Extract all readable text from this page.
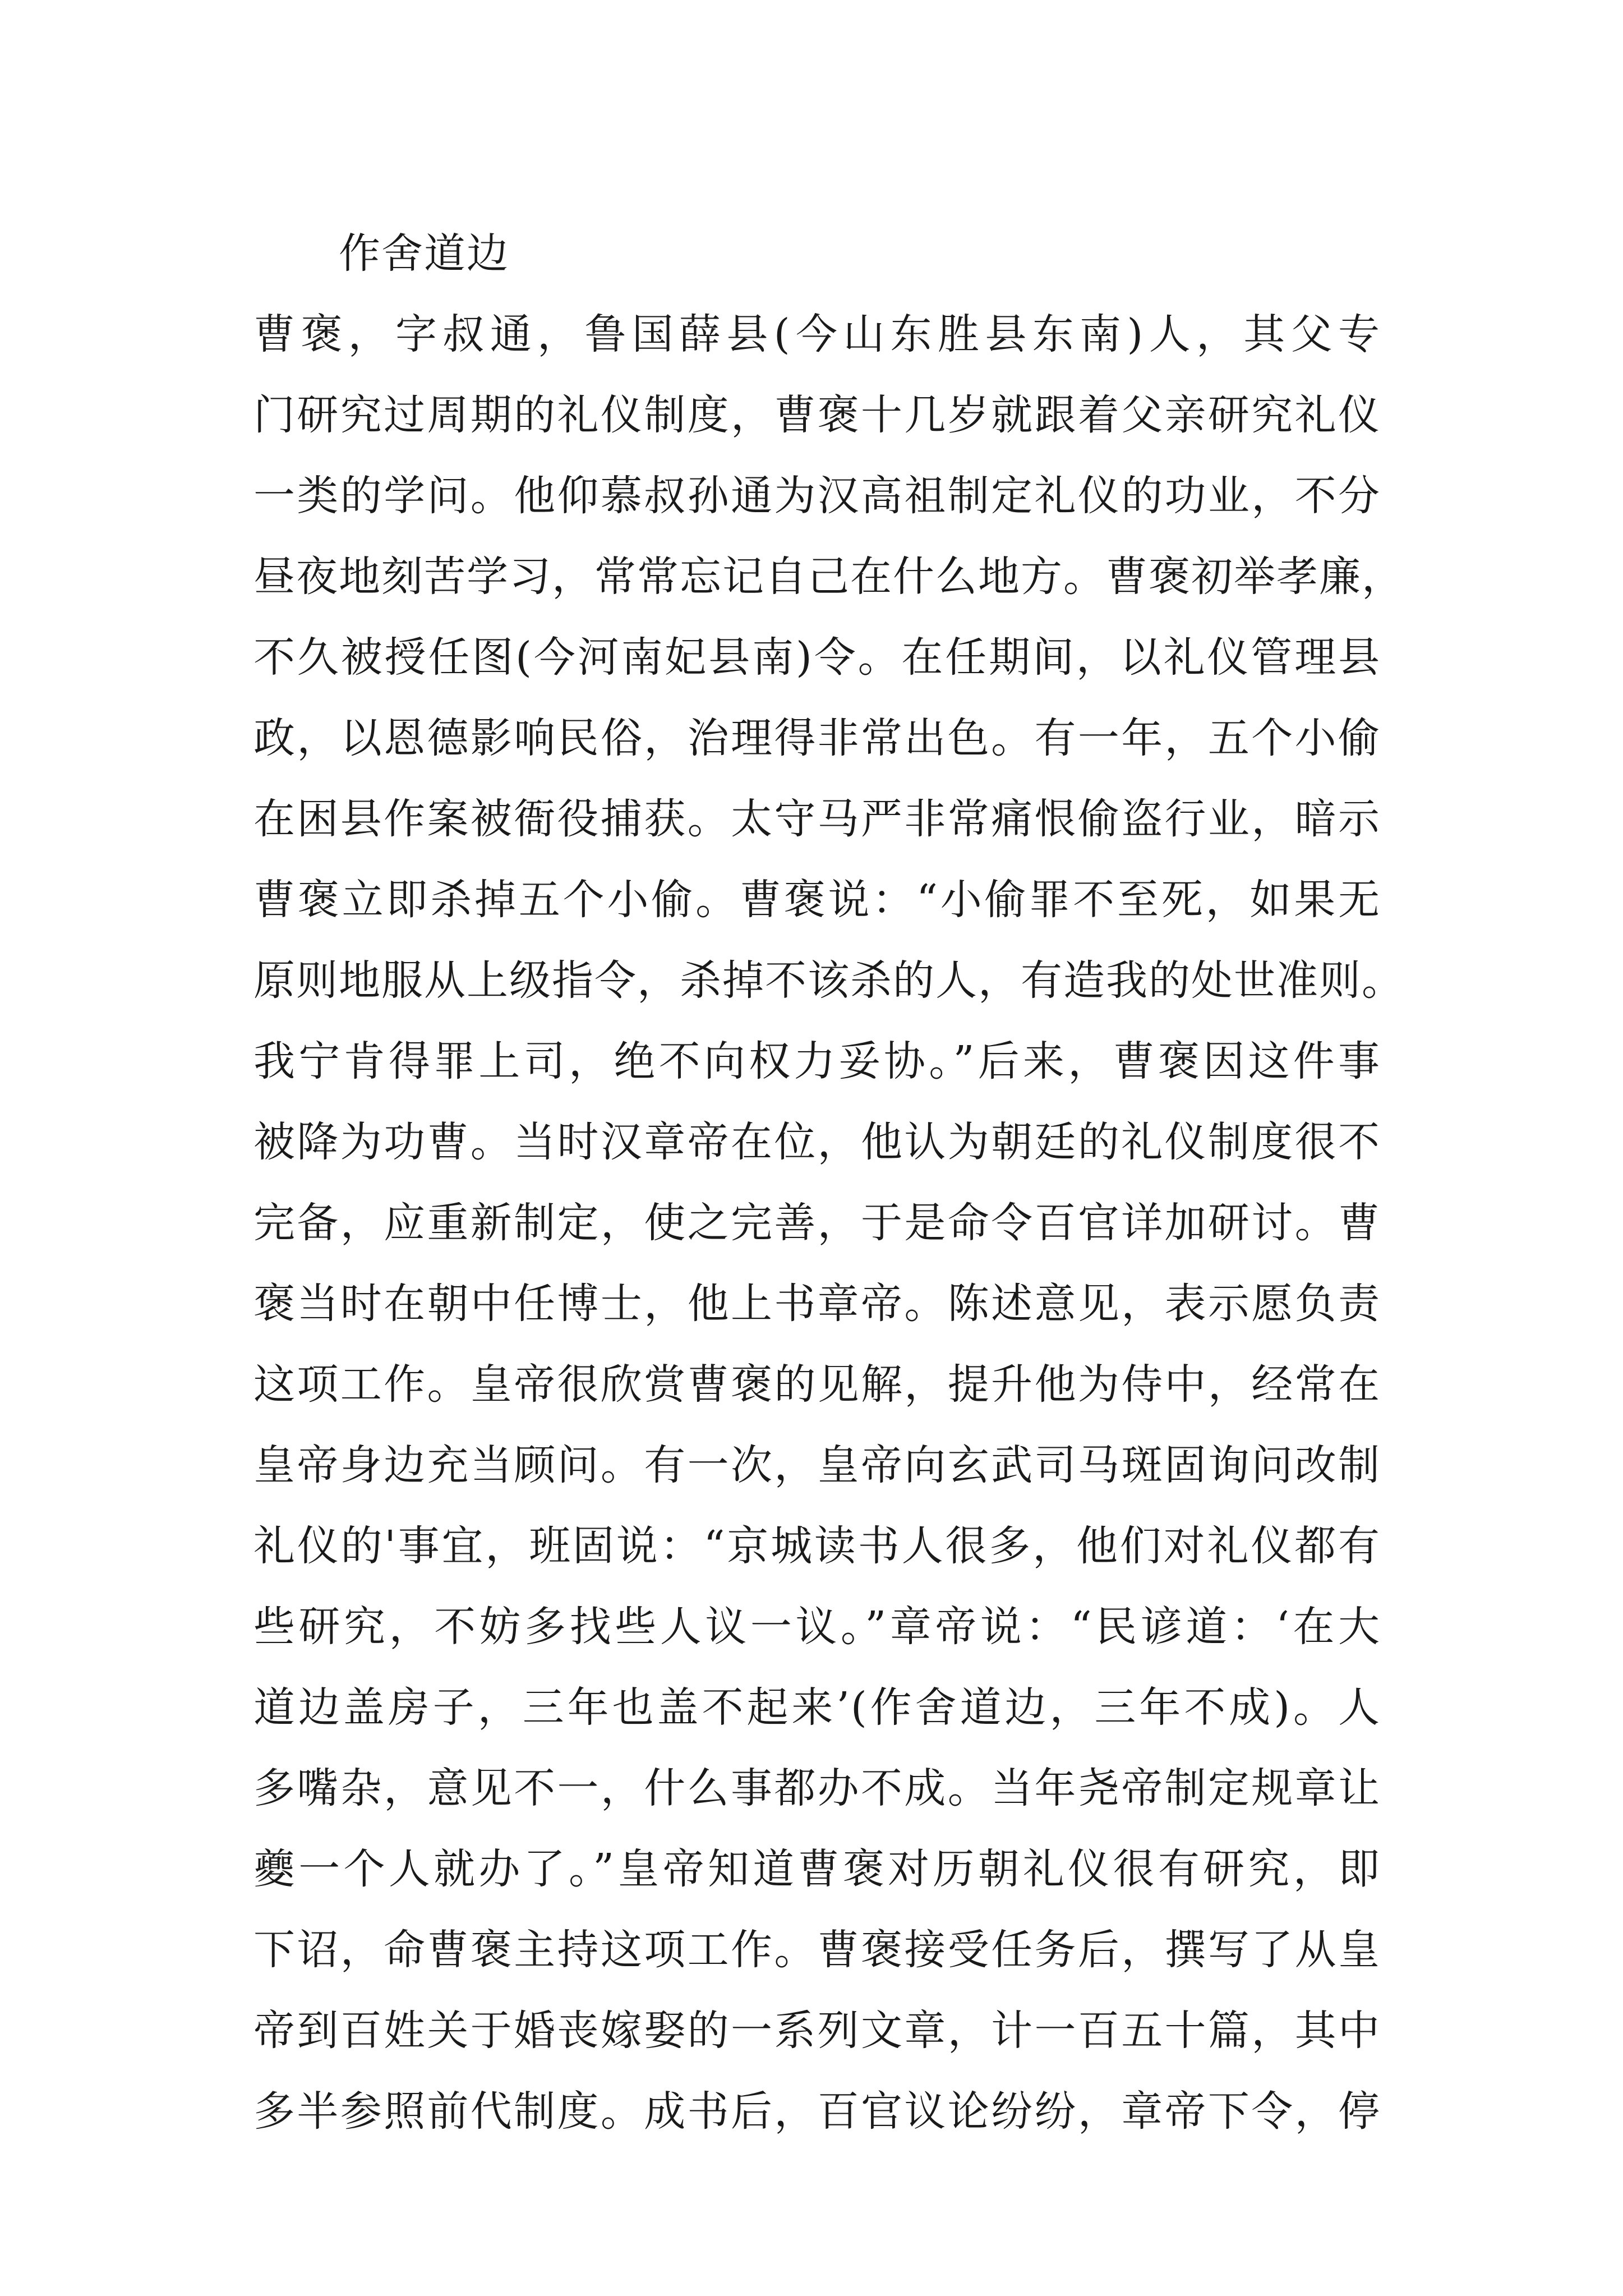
作舍道边
曹褒，字叔通，鲁国薛县(今山东胜县东南)人，其父专
门研究过周期的礼仪制度，曹褒十几岁就跟着父亲研究礼仪
一类的学问。他仰慕叔孙通为汉高祖制定礼仪的功业，不分
昼夜地刻苦学习，常常忘记自己在什么地方。曹褒初举孝廉，
不久被授任图(今河南妃县南)令。在任期间，以礼仪管理县
政，以恩德影响民俗，治理得非常出色。有一年，五个小偷
在困县作案被衙役捕获。太守马严非常痛恨偷盗行业，暗示
曹褒立即杀掉五个小偷。曹褒说：“小偷罪不至死，如果无
原则地服从上级指令，杀掉不该杀的人，有造我的处世准则。
我宁肯得罪上司，绝不向权力妥协。”后来，曹褒因这件事
被降为功曹。当时汉章帝在位，他认为朝廷的礼仪制度很不
完备，应重新制定，使之完善，于是命令百官详加研讨。曹
褒当时在朝中任博士，他上书章帝。陈述意见，表示愿负责
这项工作。皇帝很欣赏曹褒的见解，提升他为侍中，经常在
皇帝身边充当顾问。有一次，皇帝向玄武司马斑固询问改制
礼仪的'事宜，班固说：“京城读书人很多，他们对礼仪都有
些研究，不妨多找些人议一议。”章帝说：“民谚道：‘在大
道边盖房子，三年也盖不起来’(作舍道边，三年不成)。人
多嘴杂，意见不一，什么事都办不成。当年尧帝制定规章让
夔一个人就办了。”皇帝知道曹褒对历朝礼仪很有研究，即
下诏，命曹褒主持这项工作。曹褒接受任务后，撰写了从皇
帝到百姓关于婚丧嫁娶的一系列文章，计一百五十篇，其中
多半参照前代制度。成书后，百官议论纷纷，章帝下令，停
